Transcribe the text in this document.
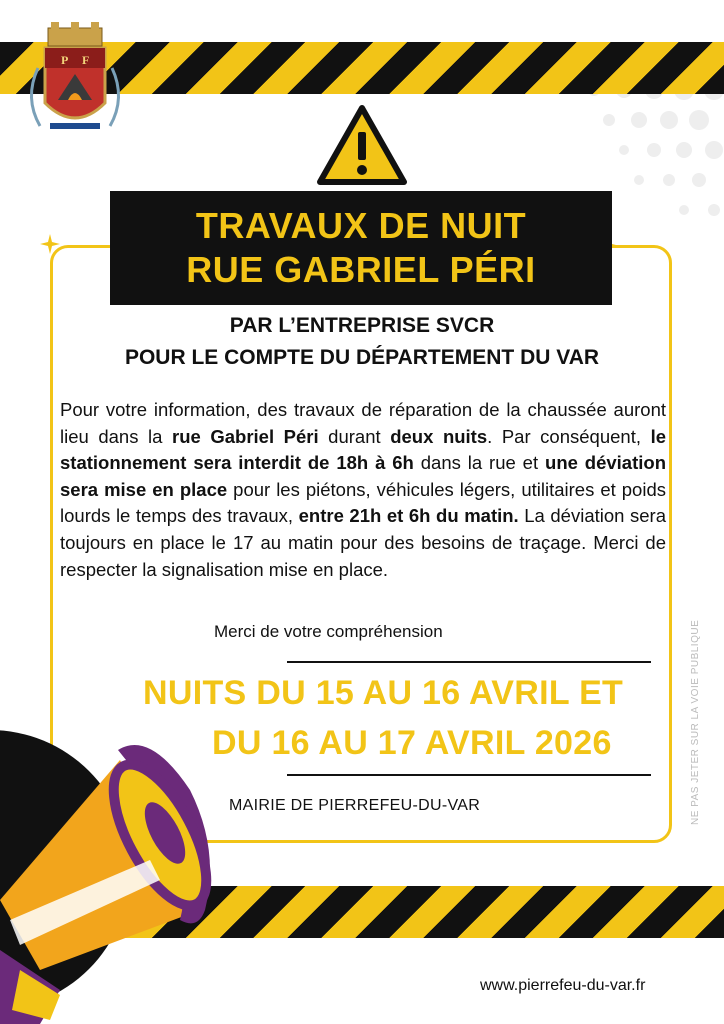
P F
TRAVAUX DE NUIT
RUE GABRIEL PÉRI
PAR L’ENTREPRISE SVCR
POUR LE COMPTE DU DÉPARTEMENT DU VAR
Pour votre information, des travaux de réparation de la chaussée auront lieu dans la rue Gabriel Péri durant deux nuits. Par conséquent, le stationnement sera interdit de 18h à 6h dans la rue et une déviation sera mise en place pour les piétons, véhicules légers, utilitaires et poids lourds le temps des travaux, entre 21h et 6h du matin. La déviation sera toujours en place le 17 au matin pour des besoins de traçage. Merci de respecter la signalisation mise en place.
Merci de votre compréhension
NUITS DU 15 AU 16 AVRIL ET
DU 16 AU 17 AVRIL 2026
MAIRIE DE PIERREFEU-DU-VAR	NE PAS JETER SUR LA VOIE PUBLIQUE
www.pierrefeu-du-var.fr
